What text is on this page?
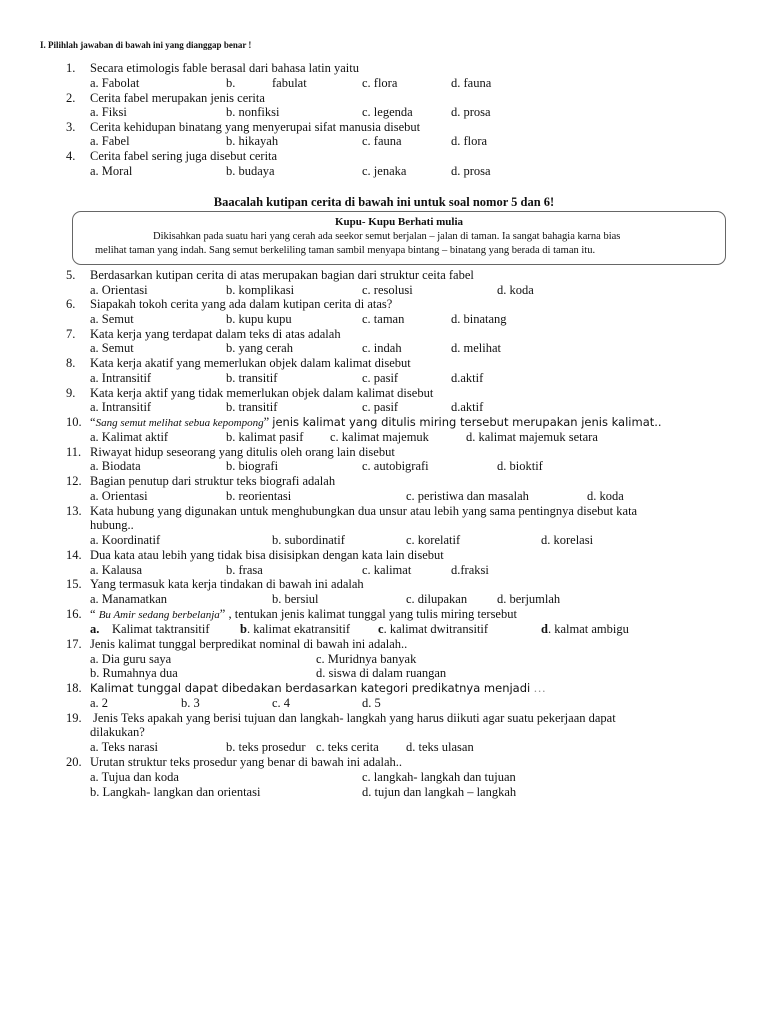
I. Pilihlah jawaban di bawah ini yang dianggap benar !
1. Secara etimologis fable berasal dari bahasa latin yaitu
a. Fabolat	b.	fabulat	c. flora	d. fauna
2. Cerita fabel merupakan jenis cerita
a. Fiksi	b. nonfiksi	c. legenda	d. prosa
3. Cerita kehidupan binatang yang menyerupai sifat manusia disebut
a. Fabel	b. hikayah	c. fauna	d. flora
4. Cerita fabel sering juga disebut cerita
a. Moral	b. budaya	c. jenaka	d. prosa
Baacalah kutipan cerita di bawah ini untuk soal nomor 5 dan 6!
Kupu- Kupu Berhati mulia
Dikisahkan pada suatu hari yang cerah ada seekor semut berjalan – jalan di taman. Ia sangat bahagia karna bias
melihat taman yang indah. Sang semut berkeliling taman sambil menyapa bintang – binatang yang berada di taman itu.
5. Berdasarkan kutipan cerita di atas merupakan bagian dari struktur ceita fabel
a. Orientasi	b. komplikasi	c. resolusi	d. koda
6. Siapakah tokoh cerita yang ada dalam kutipan cerita di atas?
a. Semut	b. kupu kupu	c. taman	d. binatang
7. Kata kerja yang terdapat dalam teks di atas adalah
a. Semut	b. yang cerah	c. indah	d. melihat
8. Kata kerja akatif yang memerlukan objek dalam kalimat disebut
a. Intransitif	b. transitif	c. pasif	d.aktif
9. Kata kerja aktif yang tidak memerlukan objek dalam kalimat disebut
a. Intransitif	b. transitif	c. pasif	d.aktif
10. “Sang semut melihat sebua kepompong” jenis kalimat yang ditulis miring tersebut merupakan jenis kalimat..
a. Kalimat aktif	b. kalimat pasif c. kalimat majemuk	d. kalimat majemuk setara
11. Riwayat hidup seseorang yang ditulis oleh orang lain disebut
a. Biodata	b. biografi	c. autobigrafi	d. bioktif
12. Bagian penutup dari struktur teks biografi adalah
a. Orientasi	b. reorientasi	c. peristiwa dan masalah	d. koda
13. Kata hubung yang digunakan untuk menghubungkan dua unsur atau lebih yang sama pentingnya disebut kata
hubung..
a. Koordinatif	b. subordinatif	c. korelatif	d. korelasi
14. Dua kata atau lebih yang tidak bisa disisipkan dengan kata lain disebut
a. Kalausa	b. frasa	c. kalimat	d.fraksi
15. Yang termasuk kata kerja tindakan di bawah ini adalah
a. Manamatkan	b. bersiul	c. dilupakan d. berjumlah
16. “ Bu Amir sedang berbelanja” , tentukan jenis kalimat tunggal yang tulis miring tersebut
a. Kalimat taktransitif b. kalimat ekatransitif c. kalimat dwitransitif	d. kalmat ambigu
17. Jenis kalimat tunggal berpredikat nominal di bawah ini adalah..
a. Dia guru saya	c. Muridnya banyak
b. Rumahnya dua	d. siswa di dalam ruangan
18. Kalimat tunggal dapat dibedakan berdasarkan kategori predikatnya menjadi …
a. 2	b. 3	c. 4	d. 5
19. Jenis Teks apakah yang berisi tujuan dan langkah- langkah yang harus diikuti agar suatu pekerjaan dapat
dilakukan?
a. Teks narasi	b. teks prosedur c. teks cerita d. teks ulasan
20. Urutan struktur teks prosedur yang benar di bawah ini adalah..
a. Tujua dan koda	c. langkah- langkah dan tujuan
b. Langkah- langkan dan orientasi	d. tujun dan langkah – langkah
